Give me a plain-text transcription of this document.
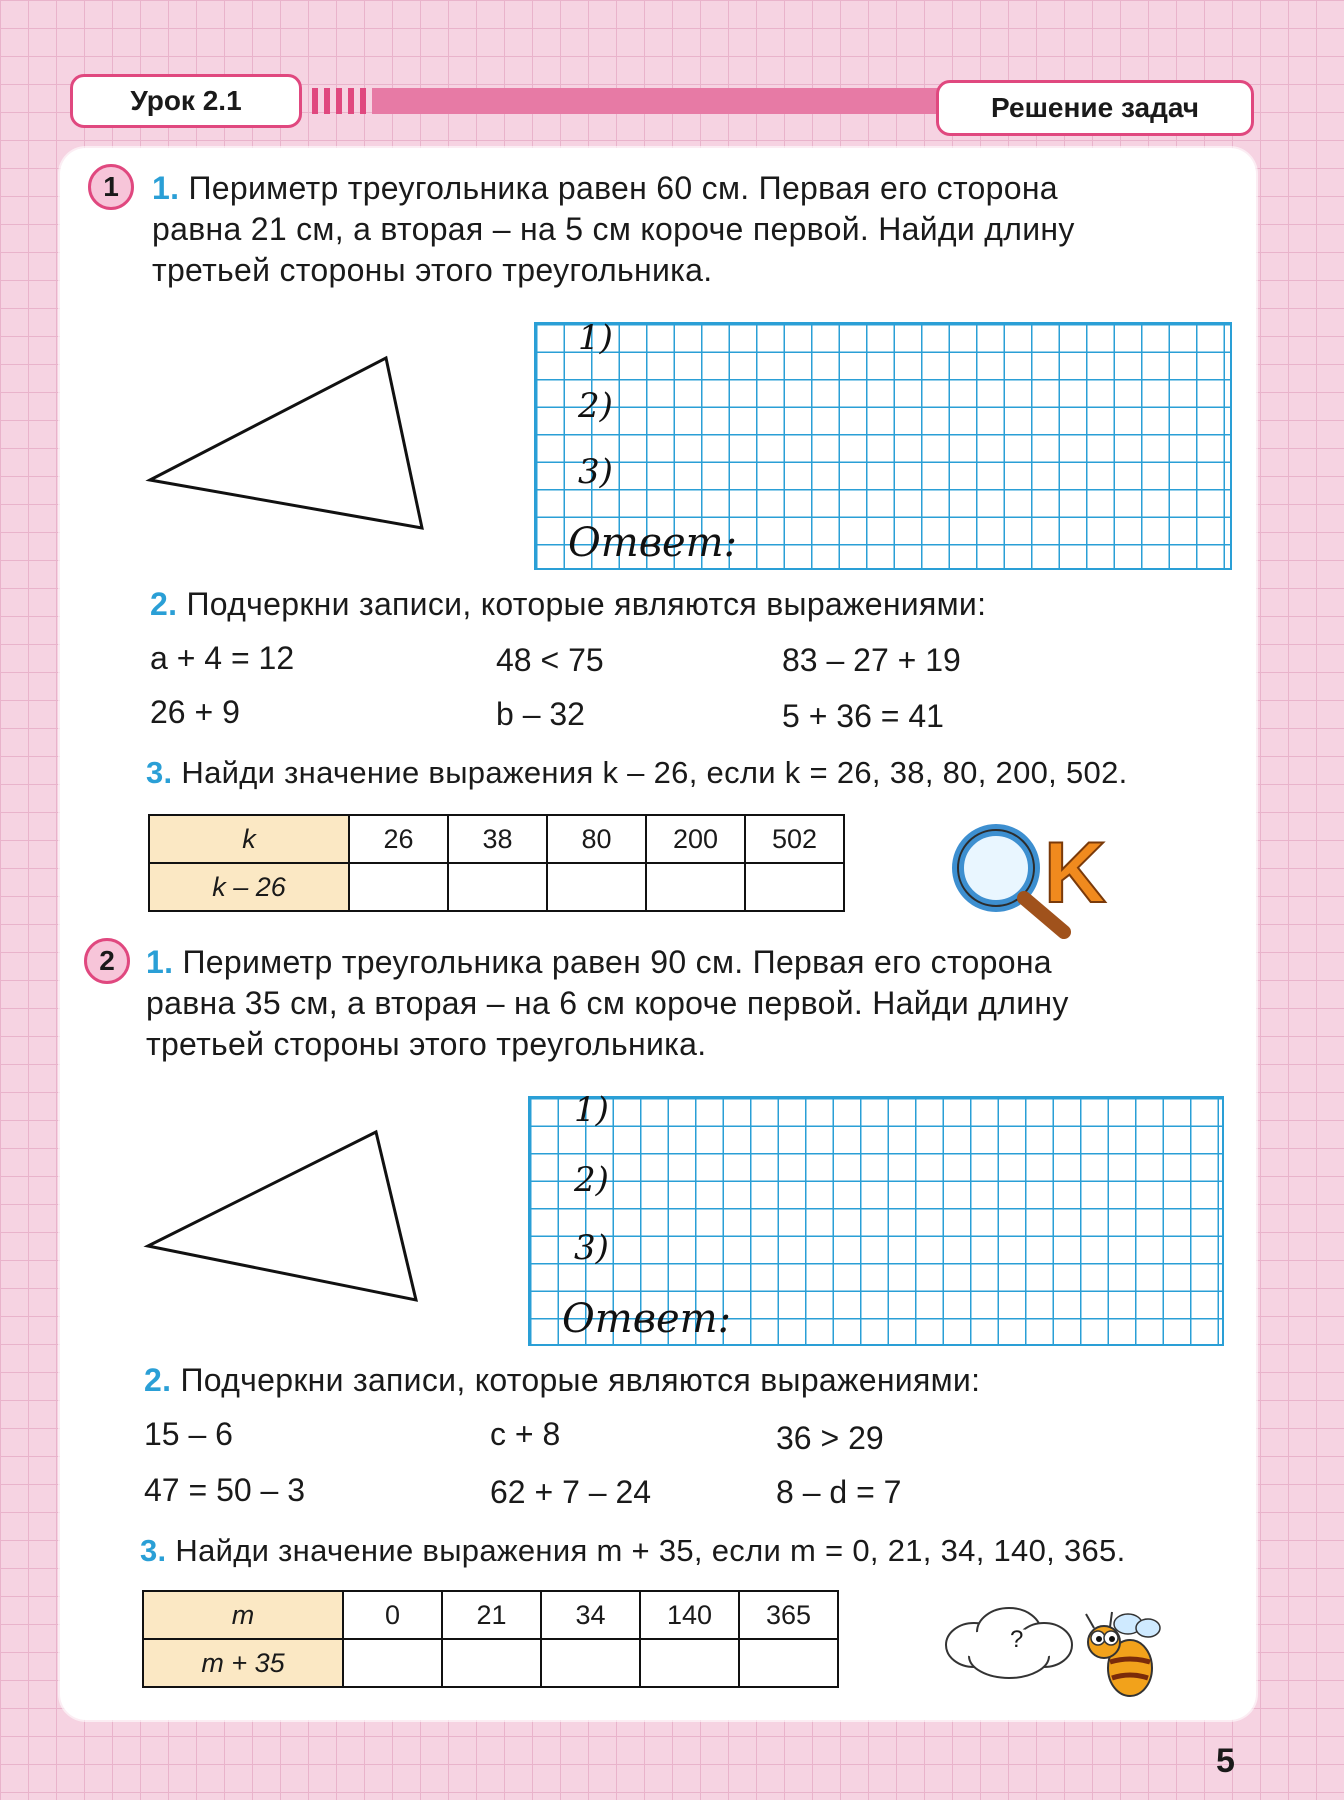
Урок 2.1	Решение задач
1 1. Периметр треугольника равен 60 см. Первая его сторона
равна 21 см, а вторая – на 5 см короче первой. Найди длину
третьей стороны этого треугольника.
1)
2)
3)
Ответ:
2. Подчеркни записи, которые являются выражениями:
a + 4 = 12	48 < 75	83 – 27 + 19
26 + 9	b – 32	5 + 36 = 41
3. Найди значение выражения k – 26, если k = 26, 38, 80, 200, 502.
k	26	38	80	200	502
k – 26						K
2 1. Периметр треугольника равен 90 см. Первая его сторона
равна 35 см, а вторая – на 6 см короче первой. Найди длину
третьей стороны этого треугольника.
1)
2)
3)
Ответ:
2. Подчеркни записи, которые являются выражениями:
15 – 6	c + 8	36 > 29
47 = 50 – 3	62 + 7 – 24	8 – d = 7
3. Найди значение выражения m + 35, если m = 0, 21, 34, 140, 365.
m	0	21	34	140	365
m + 35					
?
5
